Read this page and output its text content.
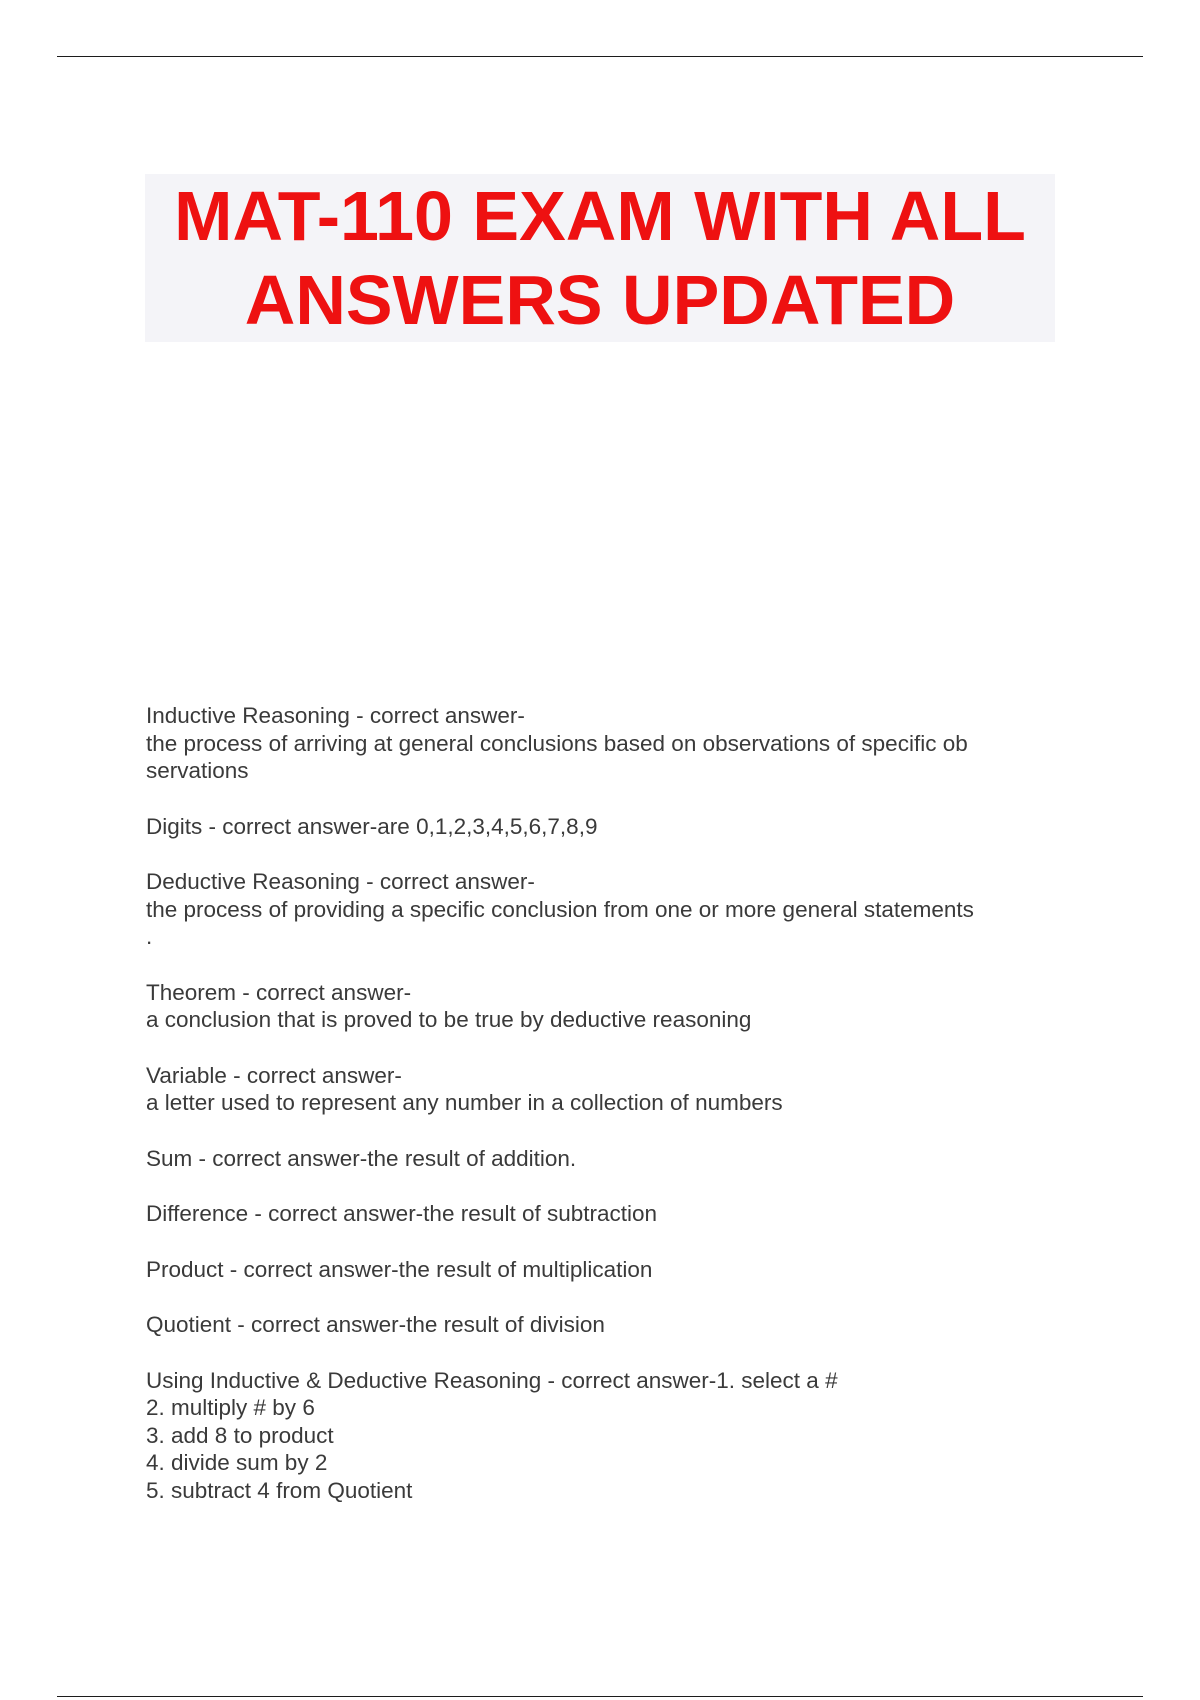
MAT-110 EXAM WITH ALL
ANSWERS UPDATED
Inductive Reasoning - correct answer-
the process of arriving at general conclusions based on observations of specific ob
servations
Digits - correct answer-are 0,1,2,3,4,5,6,7,8,9
Deductive Reasoning - correct answer-
the process of providing a specific conclusion from one or more general statements
.
Theorem - correct answer-
a conclusion that is proved to be true by deductive reasoning
Variable - correct answer-
a letter used to represent any number in a collection of numbers
Sum - correct answer-the result of addition.
Difference - correct answer-the result of subtraction
Product - correct answer-the result of multiplication
Quotient - correct answer-the result of division
Using Inductive & Deductive Reasoning - correct answer-1. select a #
2. multiply # by 6
3. add 8 to product
4. divide sum by 2
5. subtract 4 from Quotient
